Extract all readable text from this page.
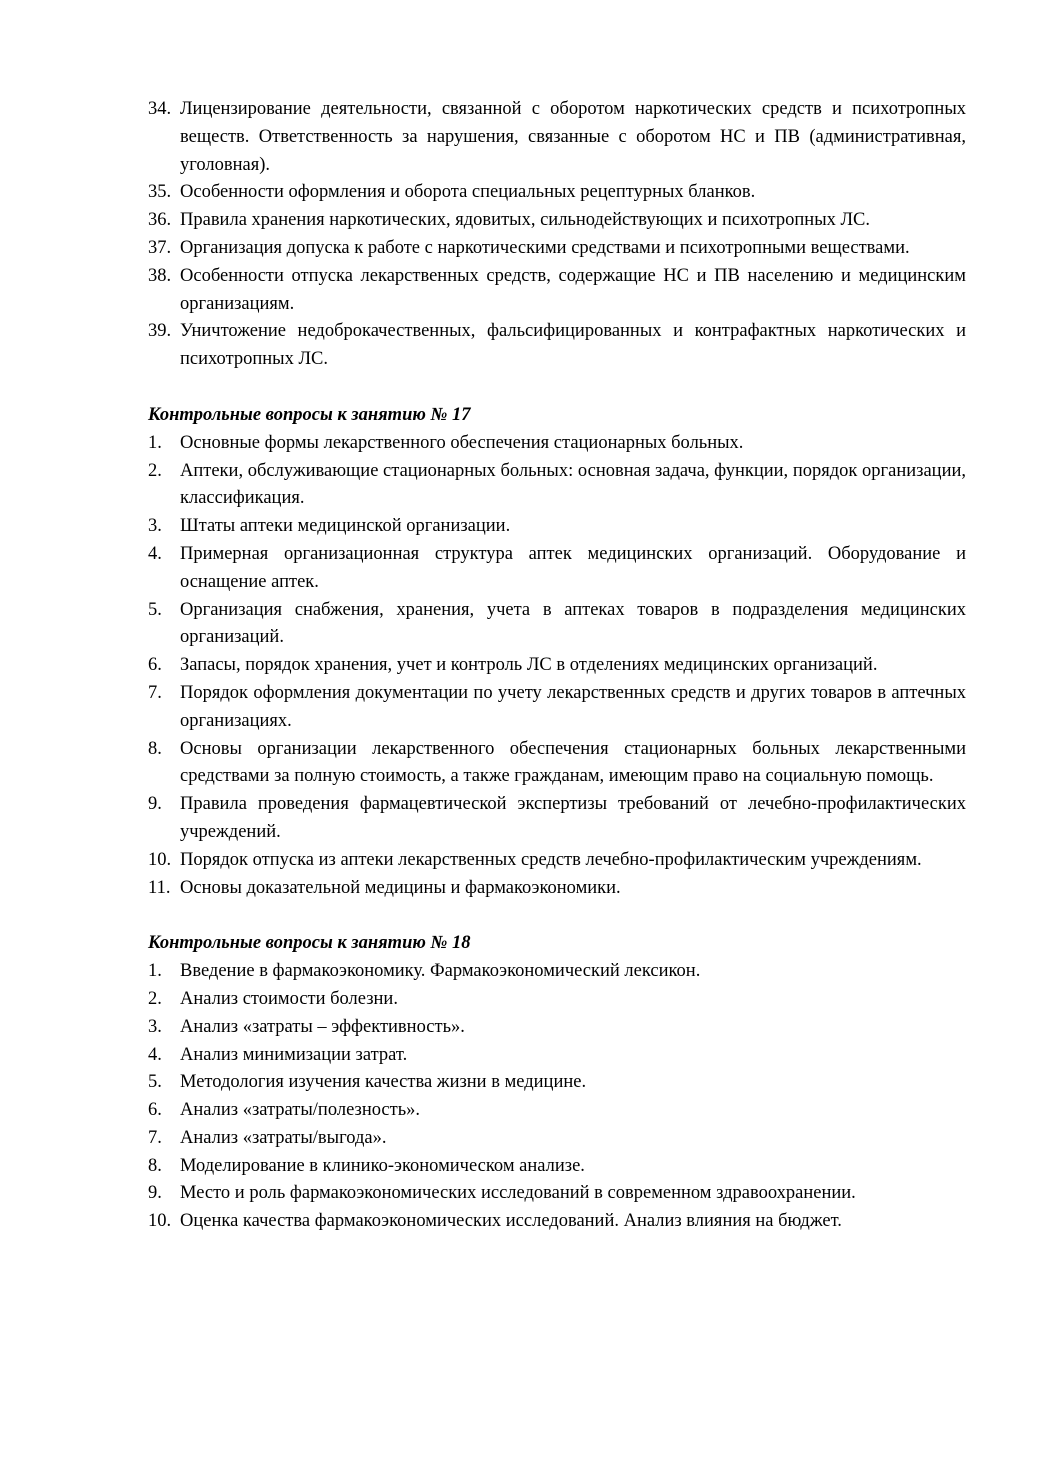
34. Лицензирование деятельности, связанной с оборотом наркотических средств и психотропных веществ. Ответственность за нарушения, связанные с оборотом НС и ПВ (административная, уголовная).
35. Особенности оформления и оборота специальных рецептурных бланков.
36. Правила хранения наркотических, ядовитых, сильнодействующих и психотропных ЛС.
37. Организация допуска к работе с наркотическими средствами и психотропными веществами.
38. Особенности отпуска лекарственных средств, содержащие НС и ПВ населению и медицинским организациям.
39. Уничтожение недоброкачественных, фальсифицированных и контрафактных наркотических и психотропных ЛС.

Контрольные вопросы к занятию № 17

1. Основные формы лекарственного обеспечения стационарных больных.
2. Аптеки, обслуживающие стационарных больных: основная задача, функции, порядок организации, классификация.
3. Штаты аптеки медицинской организации.
4. Примерная организационная структура аптек медицинских организаций. Оборудование и оснащение аптек.
5. Организация снабжения, хранения, учета в аптеках товаров в подразделения медицинских организаций.
6. Запасы, порядок хранения, учет и контроль ЛС в отделениях медицинских организаций.
7. Порядок оформления документации по учету лекарственных средств и других товаров в аптечных организациях.
8. Основы организации лекарственного обеспечения стационарных больных лекарственными средствами за полную стоимость, а также гражданам, имеющим право на социальную помощь.
9. Правила проведения фармацевтической экспертизы требований от лечебно-профилактических учреждений.
10. Порядок отпуска из аптеки лекарственных средств лечебно-профилактическим учреждениям.
11. Основы доказательной медицины и фармакоэкономики.

Контрольные вопросы к занятию № 18

1. Введение в фармакоэкономику. Фармакоэкономический лексикон.
2. Анализ стоимости болезни.
3. Анализ «затраты – эффективность».
4. Анализ минимизации затрат.
5. Методология изучения качества жизни в медицине.
6. Анализ «затраты/полезность».
7. Анализ «затраты/выгода».
8. Моделирование в клинико-экономическом анализе.
9. Место и роль фармакоэкономических исследований в современном здравоохранении.
10. Оценка качества фармакоэкономических исследований. Анализ влияния на бюджет.
